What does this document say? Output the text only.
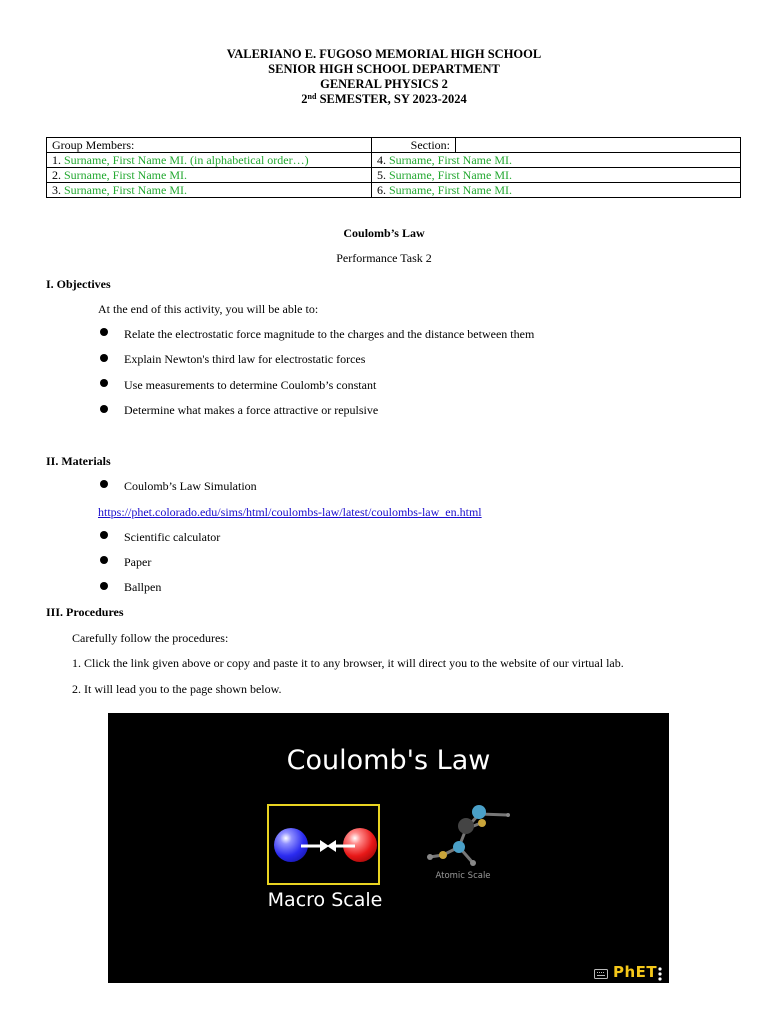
VALERIANO E. FUGOSO MEMORIAL HIGH SCHOOL
SENIOR HIGH SCHOOL DEPARTMENT
GENERAL PHYSICS 2
2nd SEMESTER, SY 2023-2024
Group Members:	Section:

1. Surname, First Name MI. (in alphabetical order…)	4. Surname, First Name MI.
2. Surname, First Name MI.	5. Surname, First Name MI.
3. Surname, First Name MI.	6. Surname, First Name MI.
Coulomb’s Law
Performance Task 2
I. Objectives
At the end of this activity, you will be able to:
Relate the electrostatic force magnitude to the charges and the distance between them
Explain Newton's third law for electrostatic forces
Use measurements to determine Coulomb’s constant
Determine what makes a force attractive or repulsive
II. Materials
Coulomb’s Law Simulation
https://phet.colorado.edu/sims/html/coulombs-law/latest/coulombs-law_en.html
Scientific calculator
Paper
Ballpen
III. Procedures
Carefully follow the procedures:
1. Click the link given above or copy and paste it to any browser, it will direct you to the website of our virtual lab.
2. It will lead you to the page shown below.
Coulomb's Law
Macro Scale
Atomic Scale
PhET
